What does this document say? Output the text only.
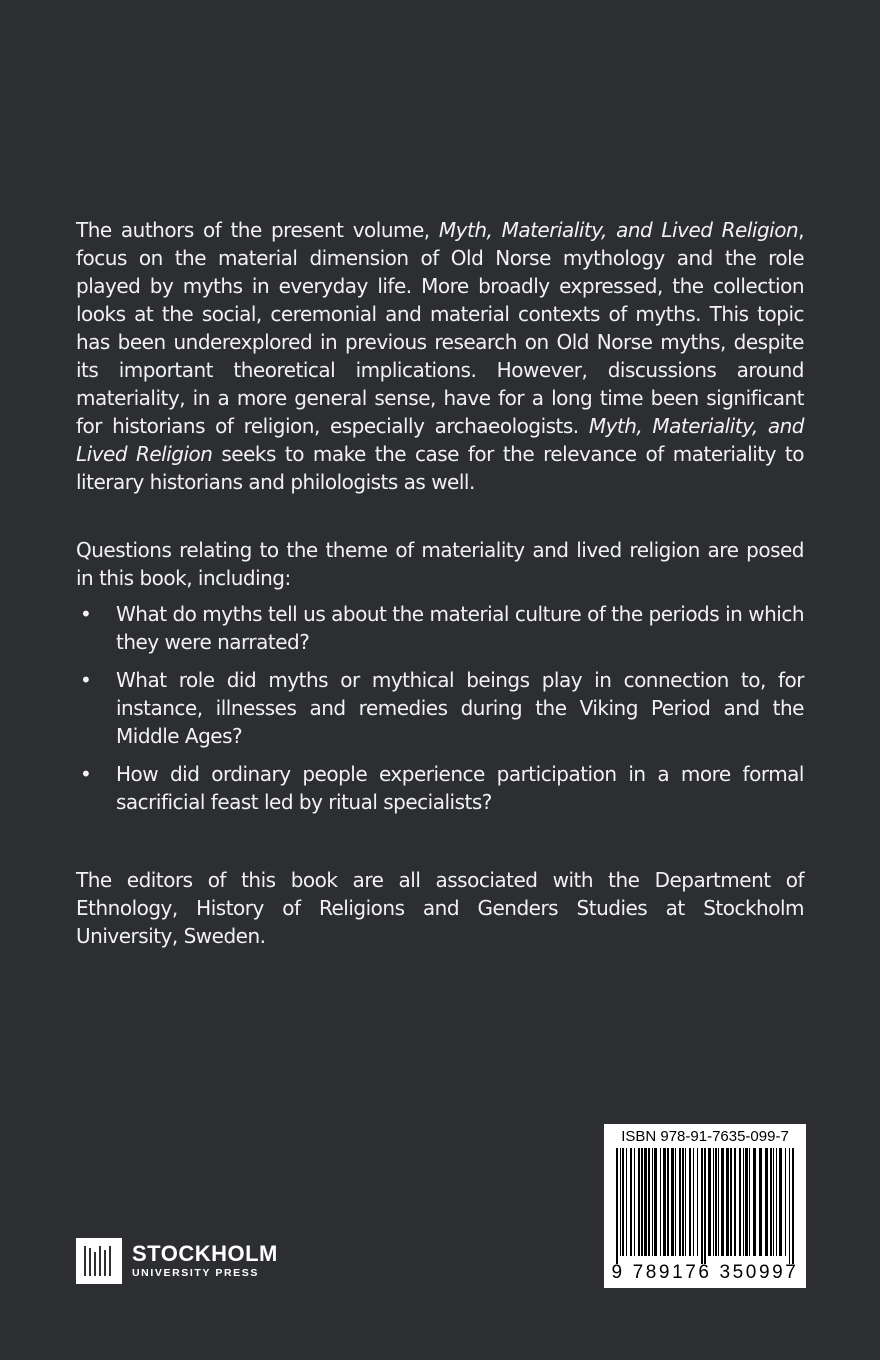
The authors of the present volume, Myth, Materiality, and Lived Religion, focus on the material dimension of Old Norse mythology and the role played by myths in everyday life. More broadly expressed, the collection looks at the social, ceremonial and material contexts of myths. This topic has been underexplored in previous research on Old Norse myths, despite its important theoretical implications. However, discussions around materiality, in a more general sense, have for a long time been significant for historians of religion, especially archaeologists. Myth, Materiality, and Lived Religion seeks to make the case for the relevance of materiality to literary historians and philologists as well.

Questions relating to the theme of materiality and lived religion are posed in this book, including:

• What do myths tell us about the material culture of the periods in which they were narrated?
• What role did myths or mythical beings play in connection to, for instance, illnesses and remedies during the Viking Period and the Middle Ages?
• How did ordinary people experience participation in a more formal sacrificial feast led by ritual specialists?

The editors of this book are all associated with the Department of Ethnology, History of Religions and Genders Studies at Stockholm University, Sweden.

STOCKHOLM
UNIVERSITY PRESS
ISBN 978-91-7635-099-7
9 789176 350997
